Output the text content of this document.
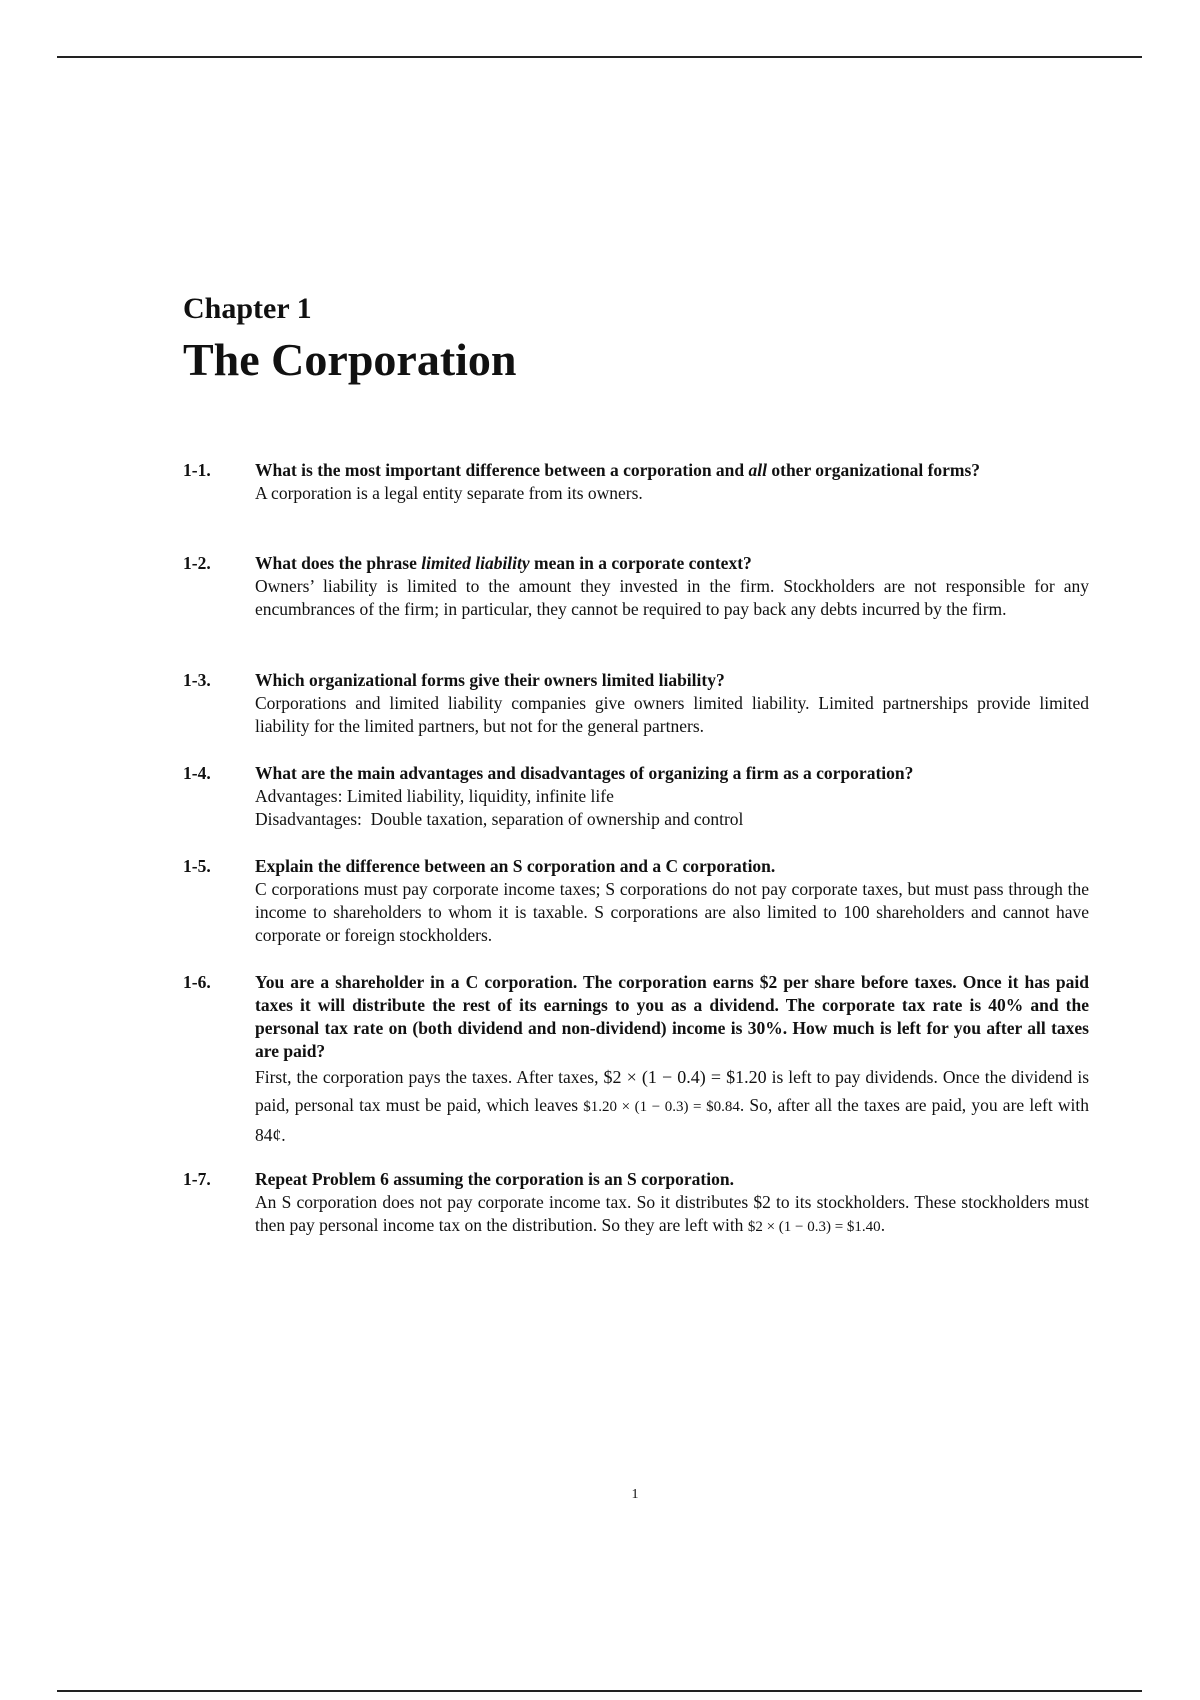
Chapter 1
The Corporation
1-1.	What is the most important difference between a corporation and all other organizational forms?
A corporation is a legal entity separate from its owners.
1-2.	What does the phrase limited liability mean in a corporate context?
Owners’ liability is limited to the amount they invested in the firm. Stockholders are not responsible for any encumbrances of the firm; in particular, they cannot be required to pay back any debts incurred by the firm.
1-3.	Which organizational forms give their owners limited liability?
Corporations and limited liability companies give owners limited liability. Limited partnerships provide limited liability for the limited partners, but not for the general partners.
1-4.	What are the main advantages and disadvantages of organizing a firm as a corporation?
Advantages: Limited liability, liquidity, infinite life
Disadvantages:  Double taxation, separation of ownership and control
1-5.	Explain the difference between an S corporation and a C corporation.
C corporations must pay corporate income taxes; S corporations do not pay corporate taxes, but must pass through the income to shareholders to whom it is taxable. S corporations are also limited to 100 shareholders and cannot have corporate or foreign stockholders.
1-6.	You are a shareholder in a C corporation. The corporation earns $2 per share before taxes. Once it has paid taxes it will distribute the rest of its earnings to you as a dividend. The corporate tax rate is 40% and the personal tax rate on (both dividend and non-dividend) income is 30%. How much is left for you after all taxes are paid?
First, the corporation pays the taxes. After taxes, $2 × (1 − 0.4) = $1.20 is left to pay dividends. Once the dividend is paid, personal tax must be paid, which leaves $1.20 × (1 − 0.3) = $0.84. So, after all the taxes are paid, you are left with 84¢.
1-7.	Repeat Problem 6 assuming the corporation is an S corporation.
An S corporation does not pay corporate income tax. So it distributes $2 to its stockholders. These stockholders must then pay personal income tax on the distribution. So they are left with $2 × (1 − 0.3) = $1.40.
1
